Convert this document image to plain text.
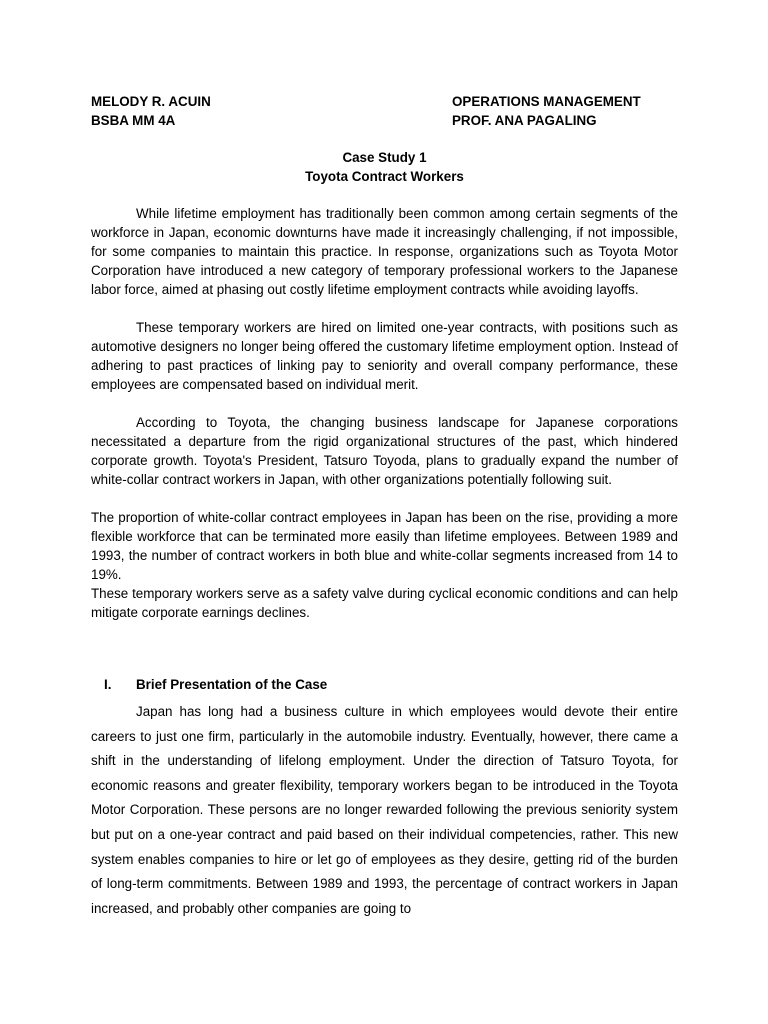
MELODY R. ACUIN	OPERATIONS MANAGEMENT
BSBA MM 4A	PROF. ANA PAGALING
Case Study 1
Toyota Contract Workers

While lifetime employment has traditionally been common among certain segments of the workforce in Japan, economic downturns have made it increasingly challenging, if not impossible, for some companies to maintain this practice. In response, organizations such as Toyota Motor Corporation have introduced a new category of temporary professional workers to the Japanese labor force, aimed at phasing out costly lifetime employment contracts while avoiding layoffs.

These temporary workers are hired on limited one-year contracts, with positions such as automotive designers no longer being offered the customary lifetime employment option. Instead of adhering to past practices of linking pay to seniority and overall company performance, these employees are compensated based on individual merit.

According to Toyota, the changing business landscape for Japanese corporations necessitated a departure from the rigid organizational structures of the past, which hindered corporate growth. Toyota's President, Tatsuro Toyoda, plans to gradually expand the number of white-collar contract workers in Japan, with other organizations potentially following suit.

The proportion of white-collar contract employees in Japan has been on the rise, providing a more flexible workforce that can be terminated more easily than lifetime employees. Between 1989 and 1993, the number of contract workers in both blue and white-collar segments increased from 14 to 19%.

These temporary workers serve as a safety valve during cyclical economic conditions and can help mitigate corporate earnings declines.

I.	Brief Presentation of the Case

Japan has long had a business culture in which employees would devote their entire careers to just one firm, particularly in the automobile industry. Eventually, however, there came a shift in the understanding of lifelong employment. Under the direction of Tatsuro Toyota, for economic reasons and greater flexibility, temporary workers began to be introduced in the Toyota Motor Corporation. These persons are no longer rewarded following the previous seniority system but put on a one-year contract and paid based on their individual competencies, rather. This new system enables companies to hire or let go of employees as they desire, getting rid of the burden of long-term commitments. Between 1989 and 1993, the percentage of contract workers in Japan increased, and probably other companies are going to
